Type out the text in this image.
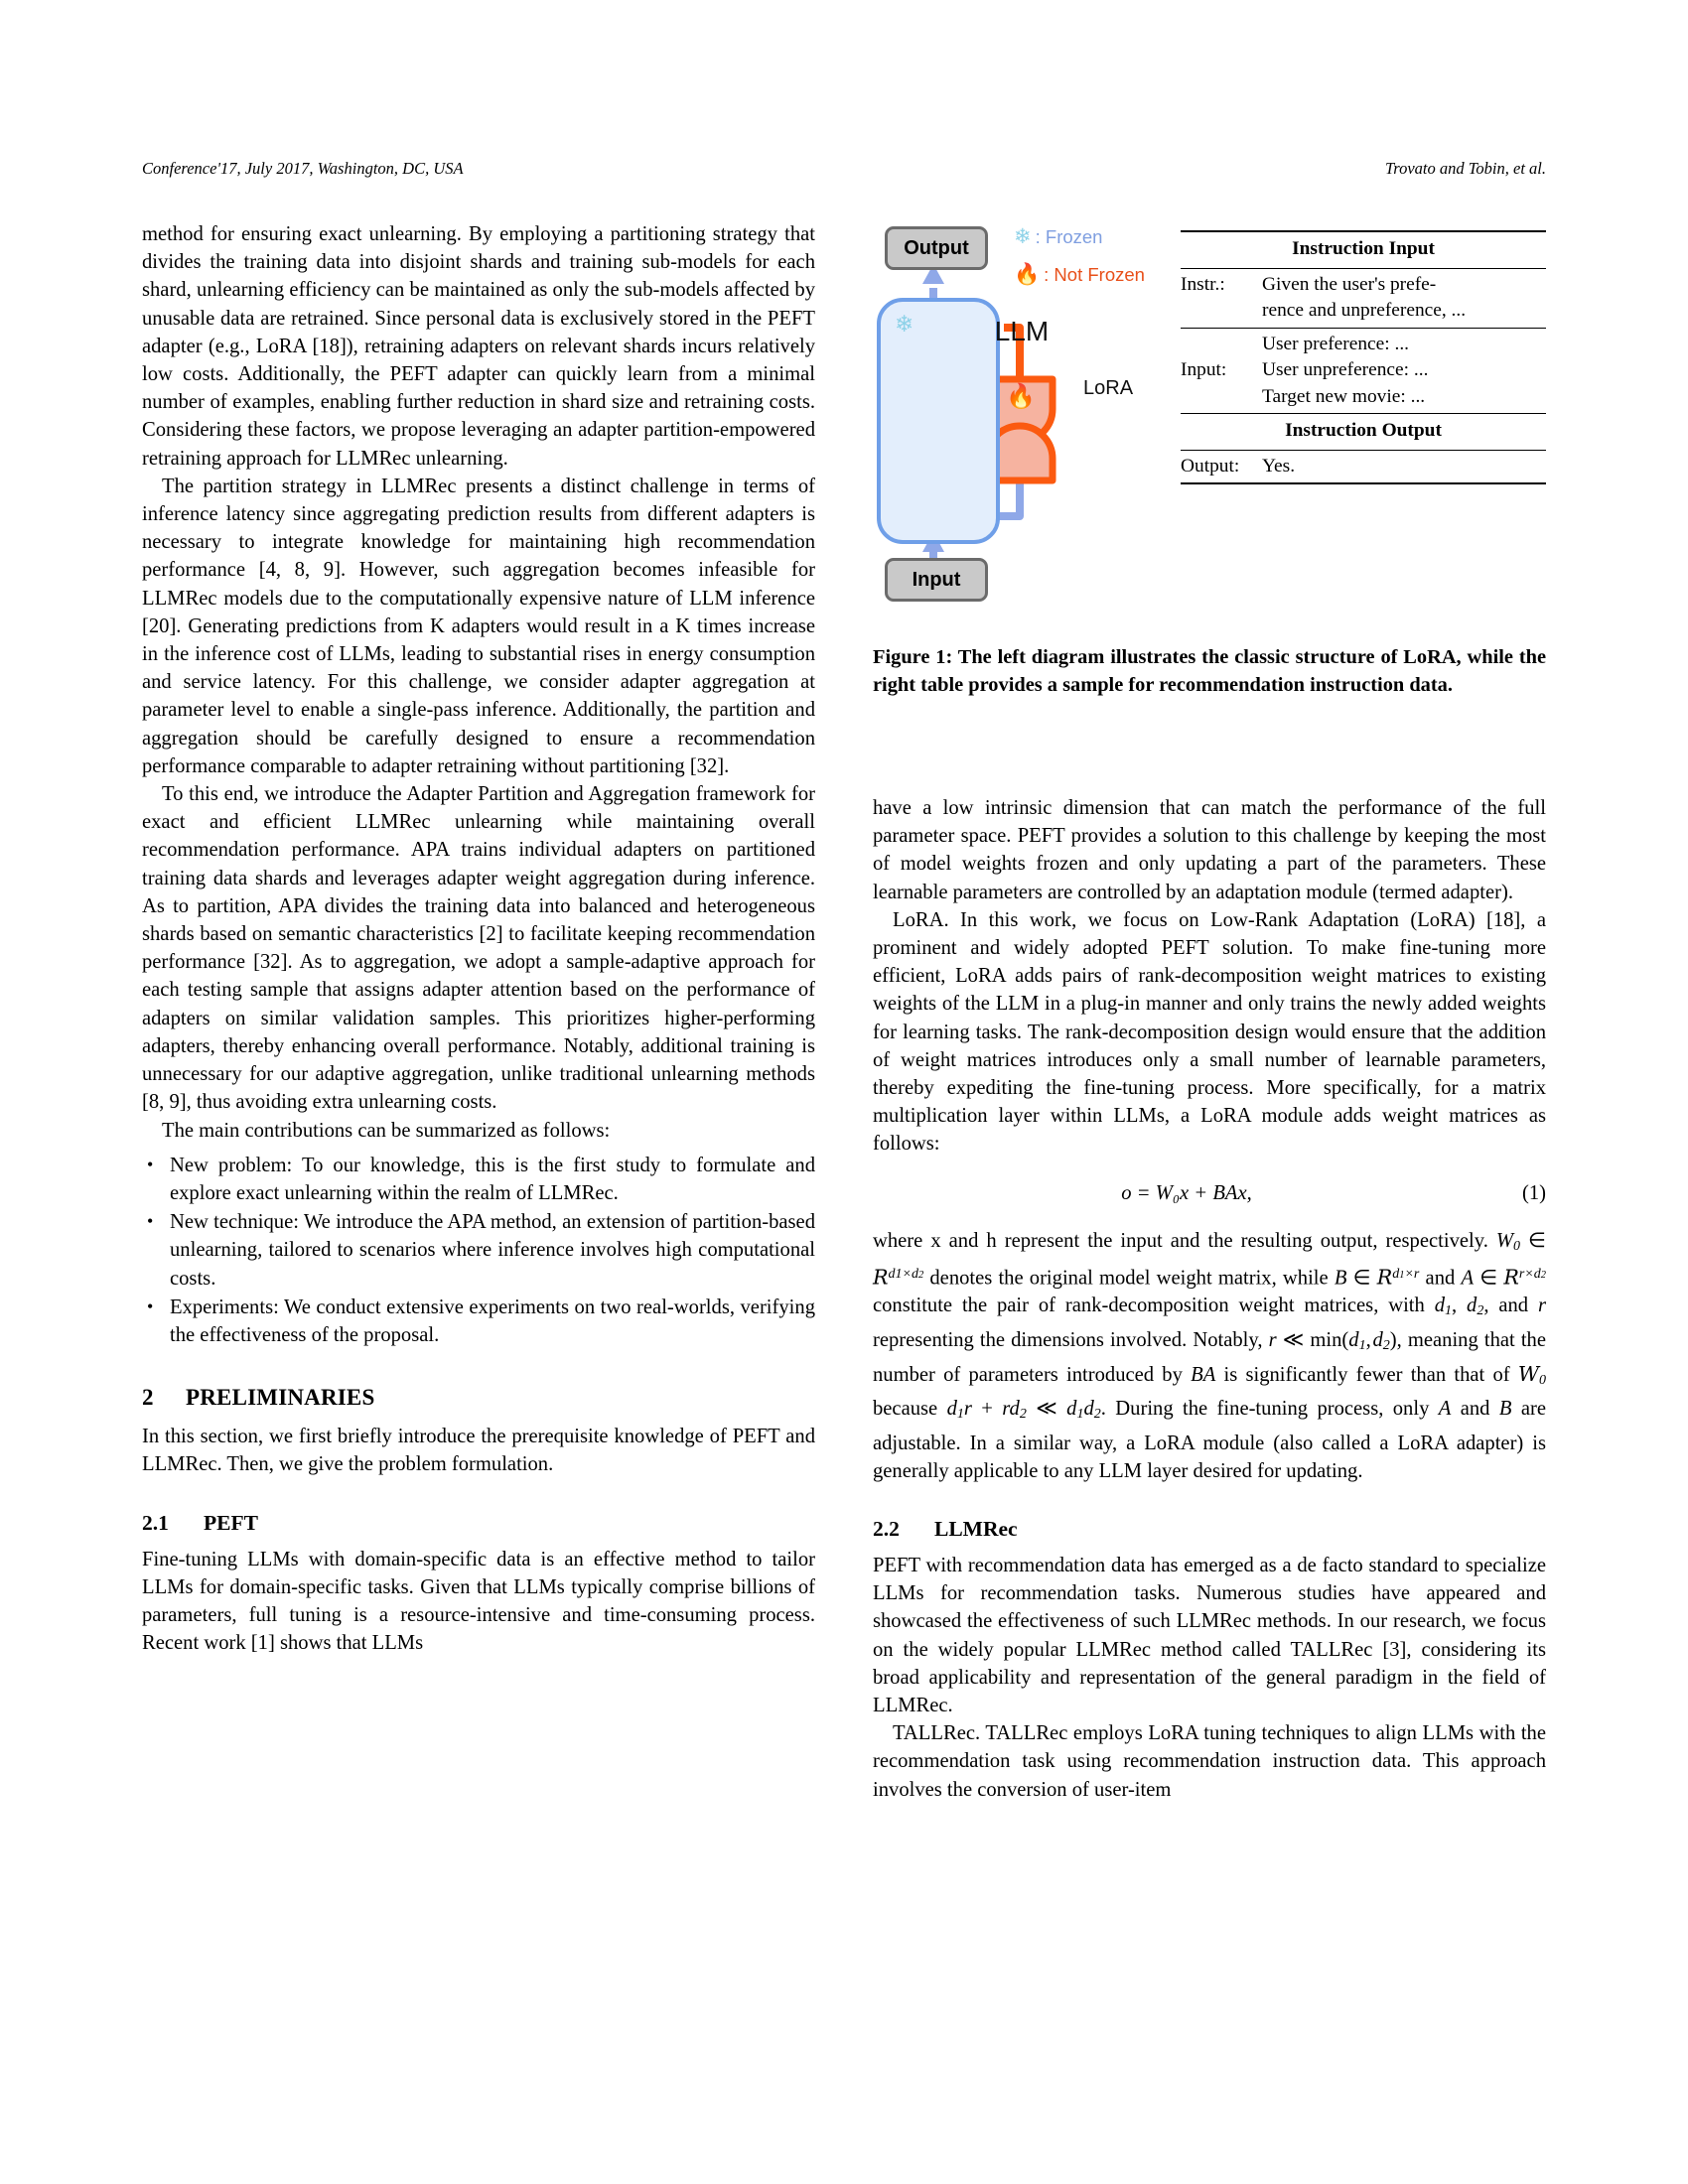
Conference'17, July 2017, Washington, DC, USA	Trovato and Tobin, et al.

method for ensuring exact unlearning. By employing a partitioning strategy that divides the training data into disjoint shards and training sub-models for each shard, unlearning efficiency can be maintained as only the sub-models affected by unusable data are retrained. Since personal data is exclusively stored in the PEFT adapter (e.g., LoRA [18]), retraining adapters on relevant shards incurs relatively low costs. Additionally, the PEFT adapter can quickly learn from a minimal number of examples, enabling further reduction in shard size and retraining costs. Considering these factors, we propose leveraging an adapter partition-empowered retraining approach for LLMRec unlearning.

The partition strategy in LLMRec presents a distinct challenge in terms of inference latency since aggregating prediction results from different adapters is necessary to integrate knowledge for maintaining high recommendation performance [4, 8, 9]. However, such aggregation becomes infeasible for LLMRec models due to the computationally expensive nature of LLM inference [20]. Generating predictions from K adapters would result in a K times increase in the inference cost of LLMs, leading to substantial rises in energy consumption and service latency. For this challenge, we consider adapter aggregation at parameter level to enable a single-pass inference. Additionally, the partition and aggregation should be carefully designed to ensure a recommendation performance comparable to adapter retraining without partitioning [32].

To this end, we introduce the Adapter Partition and Aggregation framework for exact and efficient LLMRec unlearning while maintaining overall recommendation performance. APA trains individual adapters on partitioned training data shards and leverages adapter weight aggregation during inference. As to partition, APA divides the training data into balanced and heterogeneous shards based on semantic characteristics [2] to facilitate keeping recommendation performance [32]. As to aggregation, we adopt a sample-adaptive approach for each testing sample that assigns adapter attention based on the performance of adapters on similar validation samples. This prioritizes higher-performing adapters, thereby enhancing overall performance. Notably, additional training is unnecessary for our adaptive aggregation, unlike traditional unlearning methods [8, 9], thus avoiding extra unlearning costs.

The main contributions can be summarized as follows:

• New problem: To our knowledge, this is the first study to formulate and explore exact unlearning within the realm of LLMRec.
• New technique: We introduce the APA method, an extension of partition-based unlearning, tailored to scenarios where inference involves high computational costs.
• Experiments: We conduct extensive experiments on two real-worlds, verifying the effectiveness of the proposal.
2	PRELIMINARIES

In this section, we first briefly introduce the prerequisite knowledge of PEFT and LLMRec. Then, we give the problem formulation.

2.1	PEFT

Fine-tuning LLMs with domain-specific data is an effective method to tailor LLMs for domain-specific tasks. Given that LLMs typically comprise billions of parameters, full tuning is a resource-intensive and time-consuming process. Recent work [1] shows that LLMs

Output
Input
❄	LLM
🔥 LoRA
❄ : Frozen
🔥 : Not Frozen
Instruction Input	
Instr.:	Given the user's prefe-
rence and unpreference, ...

Input:	User preference: ...
User unpreference: ...
Target new movie: ...

Instruction Output	
Output:	Yes.

Figure 1: The left diagram illustrates the classic structure of LoRA, while the right table provides a sample for recommendation instruction data.

have a low intrinsic dimension that can match the performance of the full parameter space. PEFT provides a solution to this challenge by keeping the most of model weights frozen and only updating a part of the parameters. These learnable parameters are controlled by an adaptation module (termed adapter).

LoRA. In this work, we focus on Low-Rank Adaptation (LoRA) [18], a prominent and widely adopted PEFT solution. To make fine-tuning more efficient, LoRA adds pairs of rank-decomposition weight matrices to existing weights of the LLM in a plug-in manner and only trains the newly added weights for learning tasks. The rank-decomposition design would ensure that the addition of weight matrices introduces only a small number of learnable parameters, thereby expediting the fine-tuning process. More specifically, for a matrix multiplication layer within LLMs, a LoRA module adds weight matrices as follows:

o = W₀x + BAx,	(1)

where x and h represent the input and the resulting output, respectively. $W_0$ ∈ $R^{d1\times d2}$ denotes the original model weight matrix, while B ∈ $R^{d1\times r}$ and A ∈ $R^{r\times d2}$ constitute the pair of rank-decomposition weight matrices, with $d_1$, $d_2$, and r representing the dimensions involved. Notably, r ≪ $\min(d_1$, $d_2$), meaning that the number of parameters introduced by BA is significantly fewer than that of $W_0$ because $d_1r + rd_2$ ≪ $d_1d_2$. During the fine-tuning process, only A and B are adjustable. In a similar way, a LoRA module (also called a LoRA adapter) is generally applicable to any LLM layer desired for updating.

2.2	LLMRec

PEFT with recommendation data has emerged as a de facto standard to specialize LLMs for recommendation tasks. Numerous studies have appeared and showcased the effectiveness of such LLMRec methods. In our research, we focus on the widely popular LLMRec method called TALLRec [3], considering its broad applicability and representation of the general paradigm in the field of LLMRec.

TALLRec. TALLRec employs LoRA tuning techniques to align LLMs with the recommendation task using recommendation instruction data. This approach involves the conversion of user-item
